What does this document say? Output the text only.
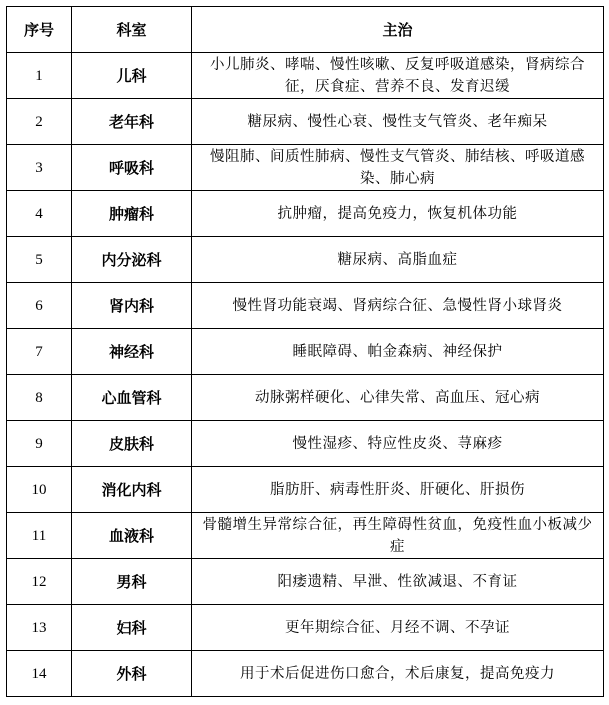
序号	科室	主治
1	儿科	小儿肺炎、哮喘、慢性咳嗽、反复呼吸道感染，肾病综合征，厌食症、营养不良、发育迟缓
2	老年科	糖尿病、慢性心衰、慢性支气管炎、老年痴呆
3	呼吸科	慢阻肺、间质性肺病、慢性支气管炎、肺结核、呼吸道感染、肺心病
4	肿瘤科	抗肿瘤，提高免疫力，恢复机体功能
5	内分泌科	糖尿病、高脂血症
6	肾内科	慢性肾功能衰竭、肾病综合征、急慢性肾小球肾炎
7	神经科	睡眠障碍、帕金森病、神经保护
8	心血管科	动脉粥样硬化、心律失常、高血压、冠心病
9	皮肤科	慢性湿疹、特应性皮炎、荨麻疹
10	消化内科	脂肪肝、病毒性肝炎、肝硬化、肝损伤
11	血液科	骨髓增生异常综合征，再生障碍性贫血，免疫性血小板减少症
12	男科	阳痿遗精、早泄、性欲减退、不育证
13	妇科	更年期综合征、月经不调、不孕证
14	外科	用于术后促进伤口愈合，术后康复，提高免疫力
